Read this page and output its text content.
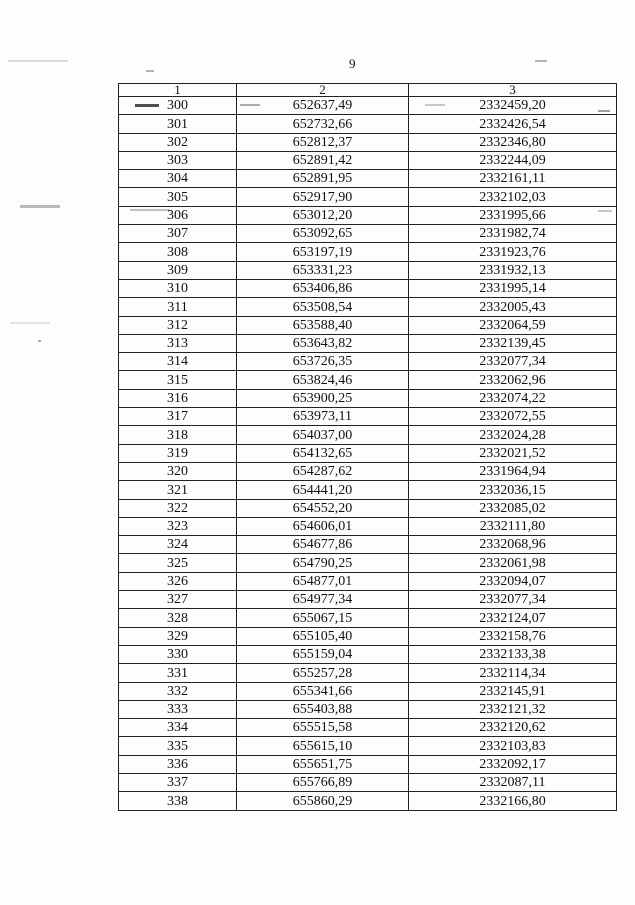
9
1	2	3
300	652637,49	2332459,20
301	652732,66	2332426,54
302	652812,37	2332346,80
303	652891,42	2332244,09
304	652891,95	2332161,11
305	652917,90	2332102,03
306	653012,20	2331995,66
307	653092,65	2331982,74
308	653197,19	2331923,76
309	653331,23	2331932,13
310	653406,86	2331995,14
311	653508,54	2332005,43
312	653588,40	2332064,59
313	653643,82	2332139,45
314	653726,35	2332077,34
315	653824,46	2332062,96
316	653900,25	2332074,22
317	653973,11	2332072,55
318	654037,00	2332024,28
319	654132,65	2332021,52
320	654287,62	2331964,94
321	654441,20	2332036,15
322	654552,20	2332085,02
323	654606,01	2332111,80
324	654677,86	2332068,96
325	654790,25	2332061,98
326	654877,01	2332094,07
327	654977,34	2332077,34
328	655067,15	2332124,07
329	655105,40	2332158,76
330	655159,04	2332133,38
331	655257,28	2332114,34
332	655341,66	2332145,91
333	655403,88	2332121,32
334	655515,58	2332120,62
335	655615,10	2332103,83
336	655651,75	2332092,17
337	655766,89	2332087,11
338	655860,29	2332166,80
